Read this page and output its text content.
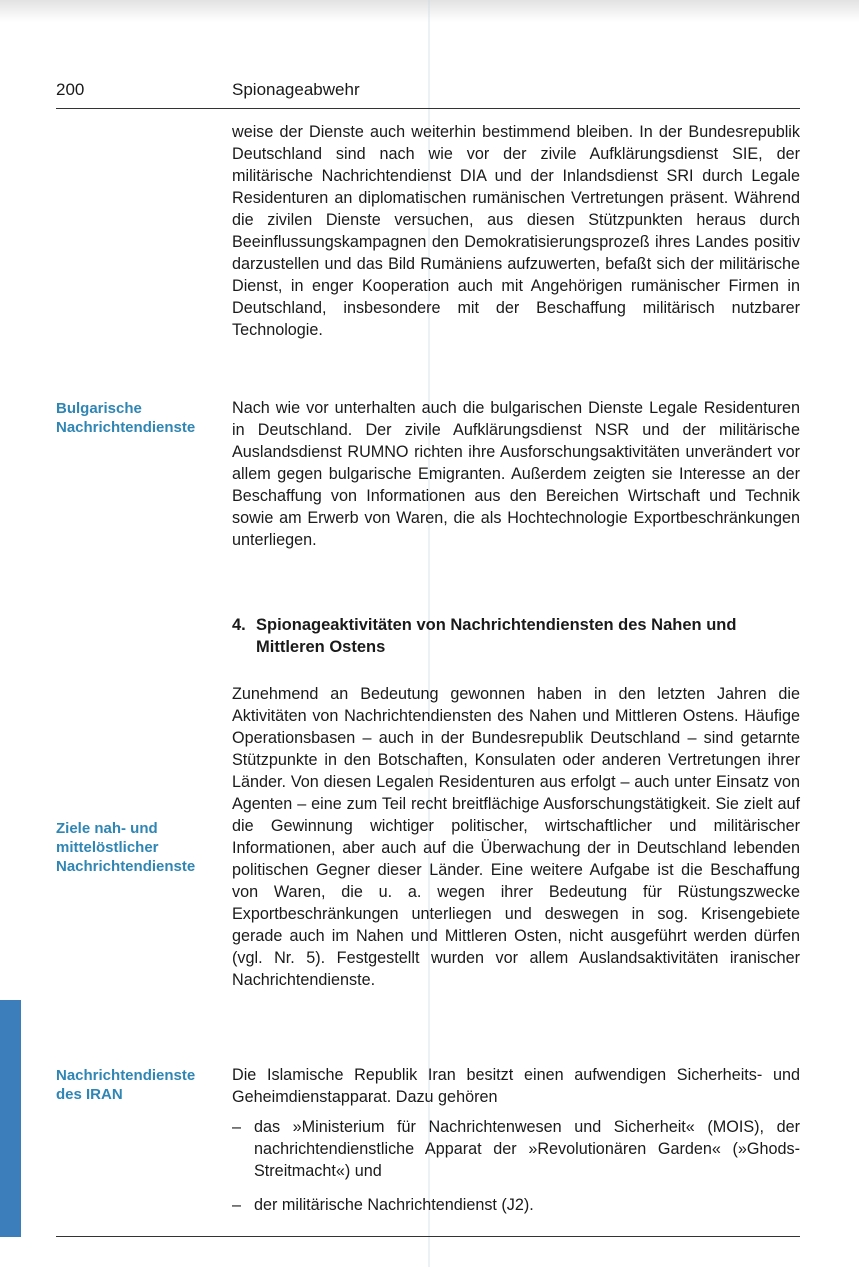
200	Spionageabwehr
weise der Dienste auch weiterhin bestimmend bleiben. In der Bundesrepublik Deutschland sind nach wie vor der zivile Aufklärungsdienst SIE, der militärische Nachrichtendienst DIA und der Inlandsdienst SRI durch Legale Residenturen an diplomatischen rumänischen Vertretungen präsent. Während die zivilen Dienste versuchen, aus diesen Stützpunkten heraus durch Beeinflussungskampagnen den Demokratisierungsprozeß ihres Landes positiv darzustellen und das Bild Rumäniens aufzuwerten, befaßt sich der militärische Dienst, in enger Kooperation auch mit Angehörigen rumänischer Firmen in Deutschland, insbesondere mit der Beschaffung militärisch nutzbarer Technologie.
Bulgarische
Nachrichtendienste
Nach wie vor unterhalten auch die bulgarischen Dienste Legale Residenturen in Deutschland. Der zivile Aufklärungsdienst NSR und der militärische Auslandsdienst RUMNO richten ihre Ausforschungsaktivitäten unverändert vor allem gegen bulgarische Emigranten. Außerdem zeigten sie Interesse an der Beschaffung von Informationen aus den Bereichen Wirtschaft und Technik sowie am Erwerb von Waren, die als Hochtechnologie Exportbeschränkungen unterliegen.
4. Spionageaktivitäten von Nachrichtendiensten des Nahen und Mittleren Ostens
Zunehmend an Bedeutung gewonnen haben in den letzten Jahren die Aktivitäten von Nachrichtendiensten des Nahen und Mittleren Ostens. Häufige Operationsbasen – auch in der Bundesrepublik Deutschland – sind getarnte Stützpunkte in den Botschaften, Konsulaten oder anderen Vertretungen ihrer Länder. Von diesen Legalen Residenturen aus erfolgt – auch unter Einsatz von Agenten – eine zum Teil recht breitflächige Ausforschungstätigkeit. Sie zielt auf die Gewinnung wichtiger politischer, wirtschaftlicher und militärischer Informationen, aber auch auf die Überwachung der in Deutschland lebenden politischen Gegner dieser Länder. Eine weitere Aufgabe ist die Beschaffung von Waren, die u. a. wegen ihrer Bedeutung für Rüstungszwecke Exportbeschränkungen unterliegen und deswegen in sog. Krisengebiete gerade auch im Nahen und Mittleren Osten, nicht ausgeführt werden dürfen (vgl. Nr. 5). Festgestellt wurden vor allem Auslandsaktivitäten iranischer Nachrichtendienste.
Ziele nah- und
mittelöstlicher
Nachrichtendienste
Nachrichtendienste
des IRAN
Die Islamische Republik Iran besitzt einen aufwendigen Sicherheits- und Geheimdienstapparat. Dazu gehören
– das »Ministerium für Nachrichtenwesen und Sicherheit« (MOIS), der nachrichtendienstliche Apparat der »Revolutionären Garden« (»Ghods-Streitmacht«) und
– der militärische Nachrichtendienst (J2).
